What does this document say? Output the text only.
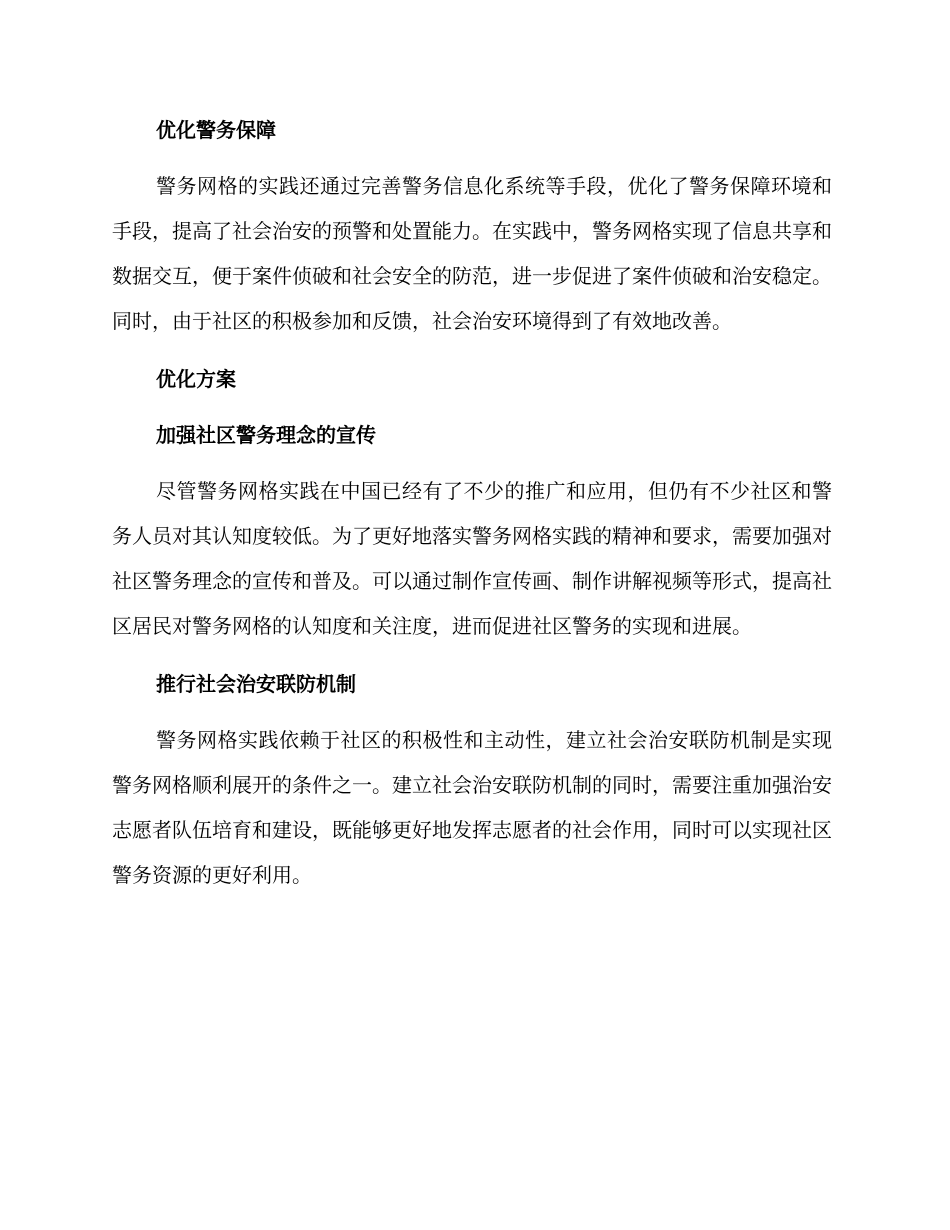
优化警务保障

警务网格的实践还通过完善警务信息化系统等手段，优化了警务保障环境和手段，提高了社会治安的预警和处置能力。在实践中，警务网格实现了信息共享和数据交互，便于案件侦破和社会安全的防范，进一步促进了案件侦破和治安稳定。同时，由于社区的积极参加和反馈，社会治安环境得到了有效地改善。

优化方案
加强社区警务理念的宣传

尽管警务网格实践在中国已经有了不少的推广和应用，但仍有不少社区和警务人员对其认知度较低。为了更好地落实警务网格实践的精神和要求，需要加强对社区警务理念的宣传和普及。可以通过制作宣传画、制作讲解视频等形式，提高社区居民对警务网格的认知度和关注度，进而促进社区警务的实现和进展。

推行社会治安联防机制

警务网格实践依赖于社区的积极性和主动性，建立社会治安联防机制是实现警务网格顺利展开的条件之一。建立社会治安联防机制的同时，需要注重加强治安志愿者队伍培育和建设，既能够更好地发挥志愿者的社会作用，同时可以实现社区警务资源的更好利用。
